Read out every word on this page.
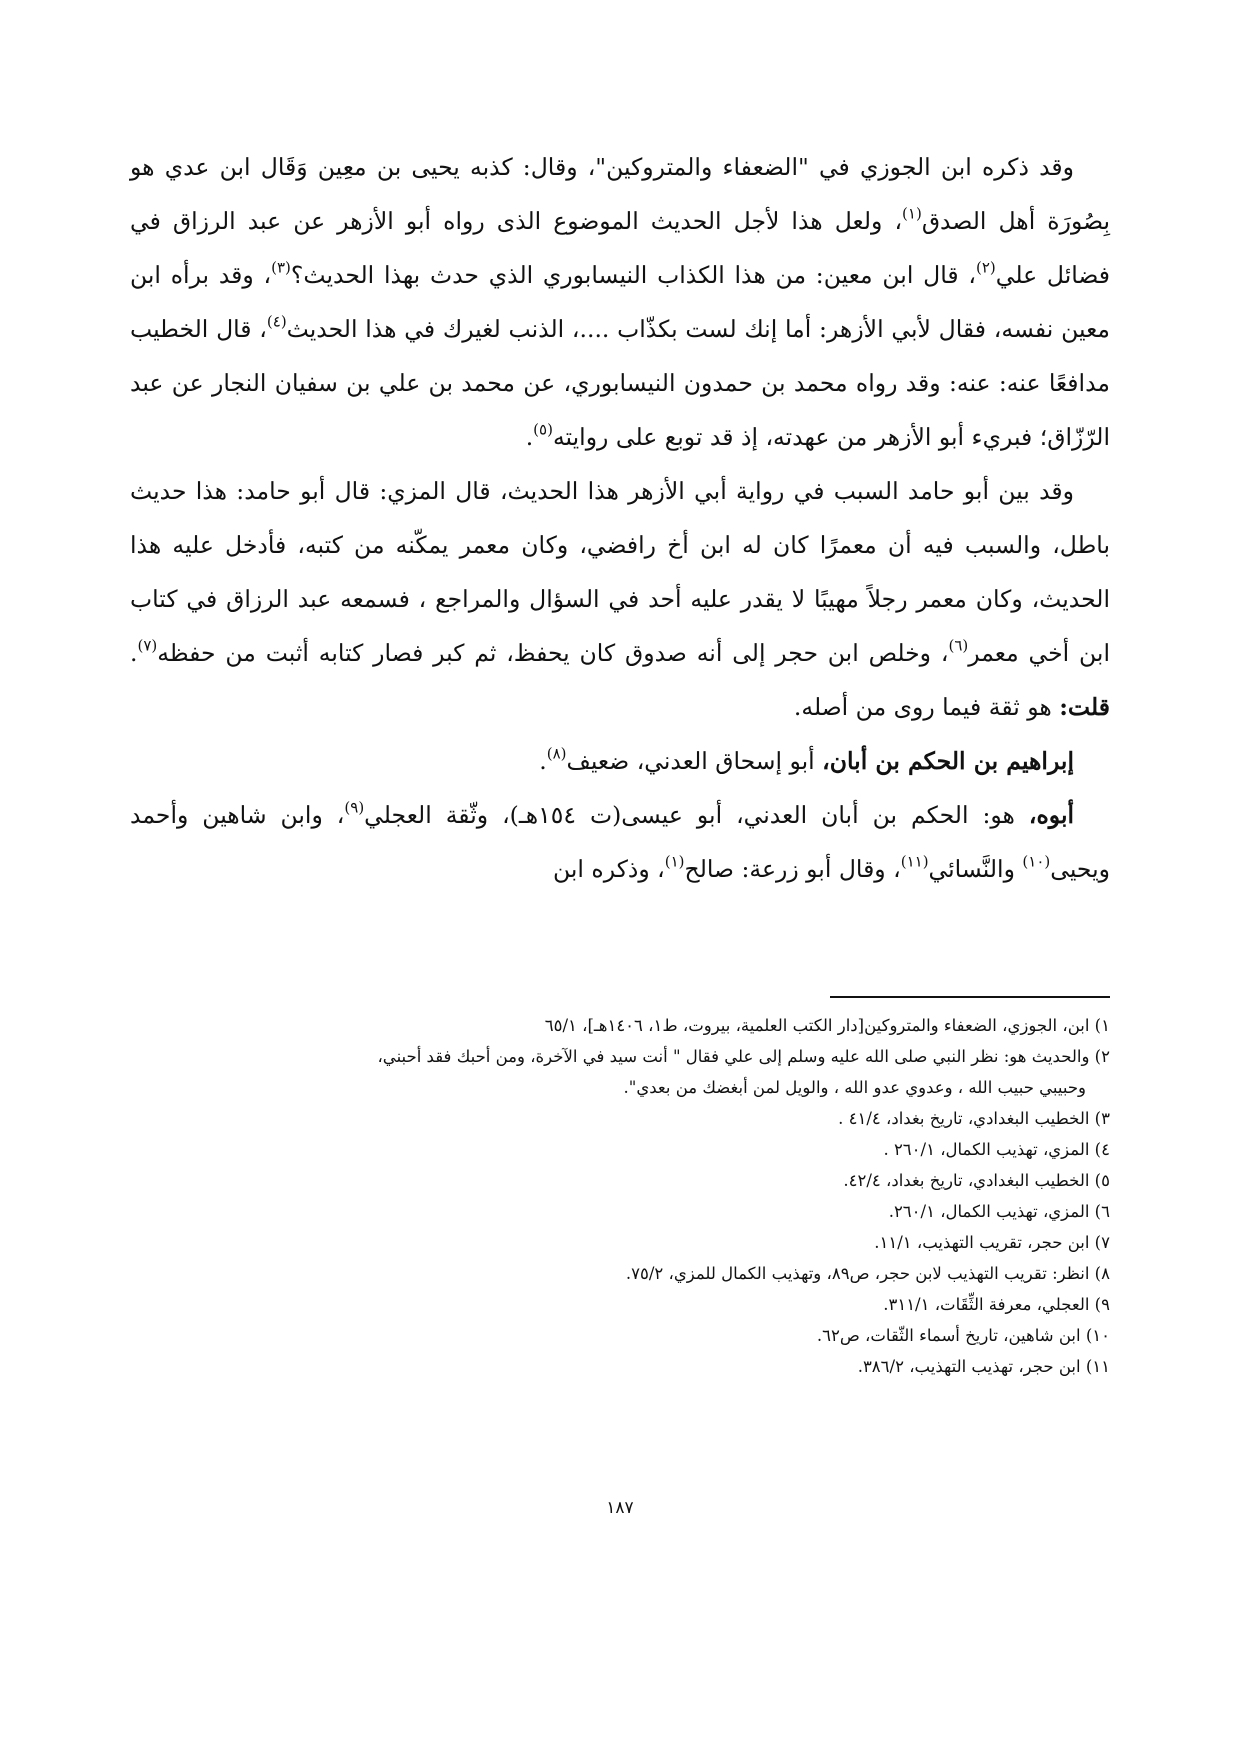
وقد ذكره ابن الجوزي في "الضعفاء والمتروكين"، وقال: كذبه يحيى بن معِين وَقَال ابن عدي هو بِصُورَة أهل الصدق$^{(١)}$، ولعل هذا لأجل الحديث الموضوع الذى رواه أبو الأزهر عن عبد الرزاق في فضائل علي$^{(٢)}$، قال ابن معين: من هذا الكذاب النيسابوري الذي حدث بهذا الحديث؟$^{(٣)}$، وقد برأه ابن معين نفسه، فقال لأبي الأزهر: أما إنك لست بكذّاب ....، الذنب لغيرك في هذا الحديث$^{(٤)}$، قال الخطيب مدافعًا عنه: عنه: وقد رواه محمد بن حمدون النيسابوري، عن محمد بن علي بن سفيان النجار عن عبد الرّزّاق؛ فبريء أبو الأزهر من عهدته، إذ قد توبع على روايته$^{(٥)}$.

وقد بين أبو حامد السبب في رواية أبي الأزهر هذا الحديث، قال المزي: قال أبو حامد: هذا حديث باطل، والسبب فيه أن معمرًا كان له ابن أخ رافضي، وكان معمر يمكّنه من كتبه، فأدخل عليه هذا الحديث، وكان معمر رجلاً مهيبًا لا يقدر عليه أحد في السؤال والمراجع ، فسمعه عبد الرزاق في كتاب ابن أخي معمر$^{(٦)}$، وخلص ابن حجر إلى أنه صدوق كان يحفظ، ثم كبر فصار كتابه أثبت من حفظه$^{(٧)}$. قلت: هو ثقة فيما روى من أصله.

إبراهيم بن الحكم بن أبان، أبو إسحاق العدني، ضعيف$^{(٨)}$.

أبوه، هو: الحكم بن أبان العدني، أبو عيسى(ت ١٥٤هـ)، وثّقة العجلي$^{(٩)}$، وابن شاهين وأحمد ويحيى$^{(١٠)}$ والنَّسائي$^{(١١)}$، وقال أبو زرعة: صالح$^{(١)}$، وذكره ابن

١) ابن، الجوزي، الضعفاء والمتروكين[دار الكتب العلمية، بيروت، ط١، ١٤٠٦هـ]، ٦٥/١
٢) والحديث هو: نظر النبي صلى الله عليه وسلم إلى علي فقال " أنت سيد في الآخرة، ومن أحبك فقد أحبني،
وحبيبي حبيب الله ، وعدوي عدو الله ، والويل لمن أبغضك من بعدي".
٣) الخطيب البغدادي، تاريخ بغداد، ٤١/٤ .
٤) المزي، تهذيب الكمال، ٢٦٠/١ .
٥) الخطيب البغدادي، تاريخ بغداد، ٤٢/٤.
٦) المزي، تهذيب الكمال، ٢٦٠/١.
٧) ابن حجر، تقريب التهذيب، ١١/١.
٨) انظر: تقريب التهذيب لابن حجر، ص٨٩، وتهذيب الكمال للمزي، ٧٥/٢.
٩) العجلي، معرفة الثِّقَات، ٣١١/١.
١٠) ابن شاهين، تاريخ أسماء الثّقات، ص٦٢.
١١) ابن حجر، تهذيب التهذيب، ٣٨٦/٢.
١٨٧
